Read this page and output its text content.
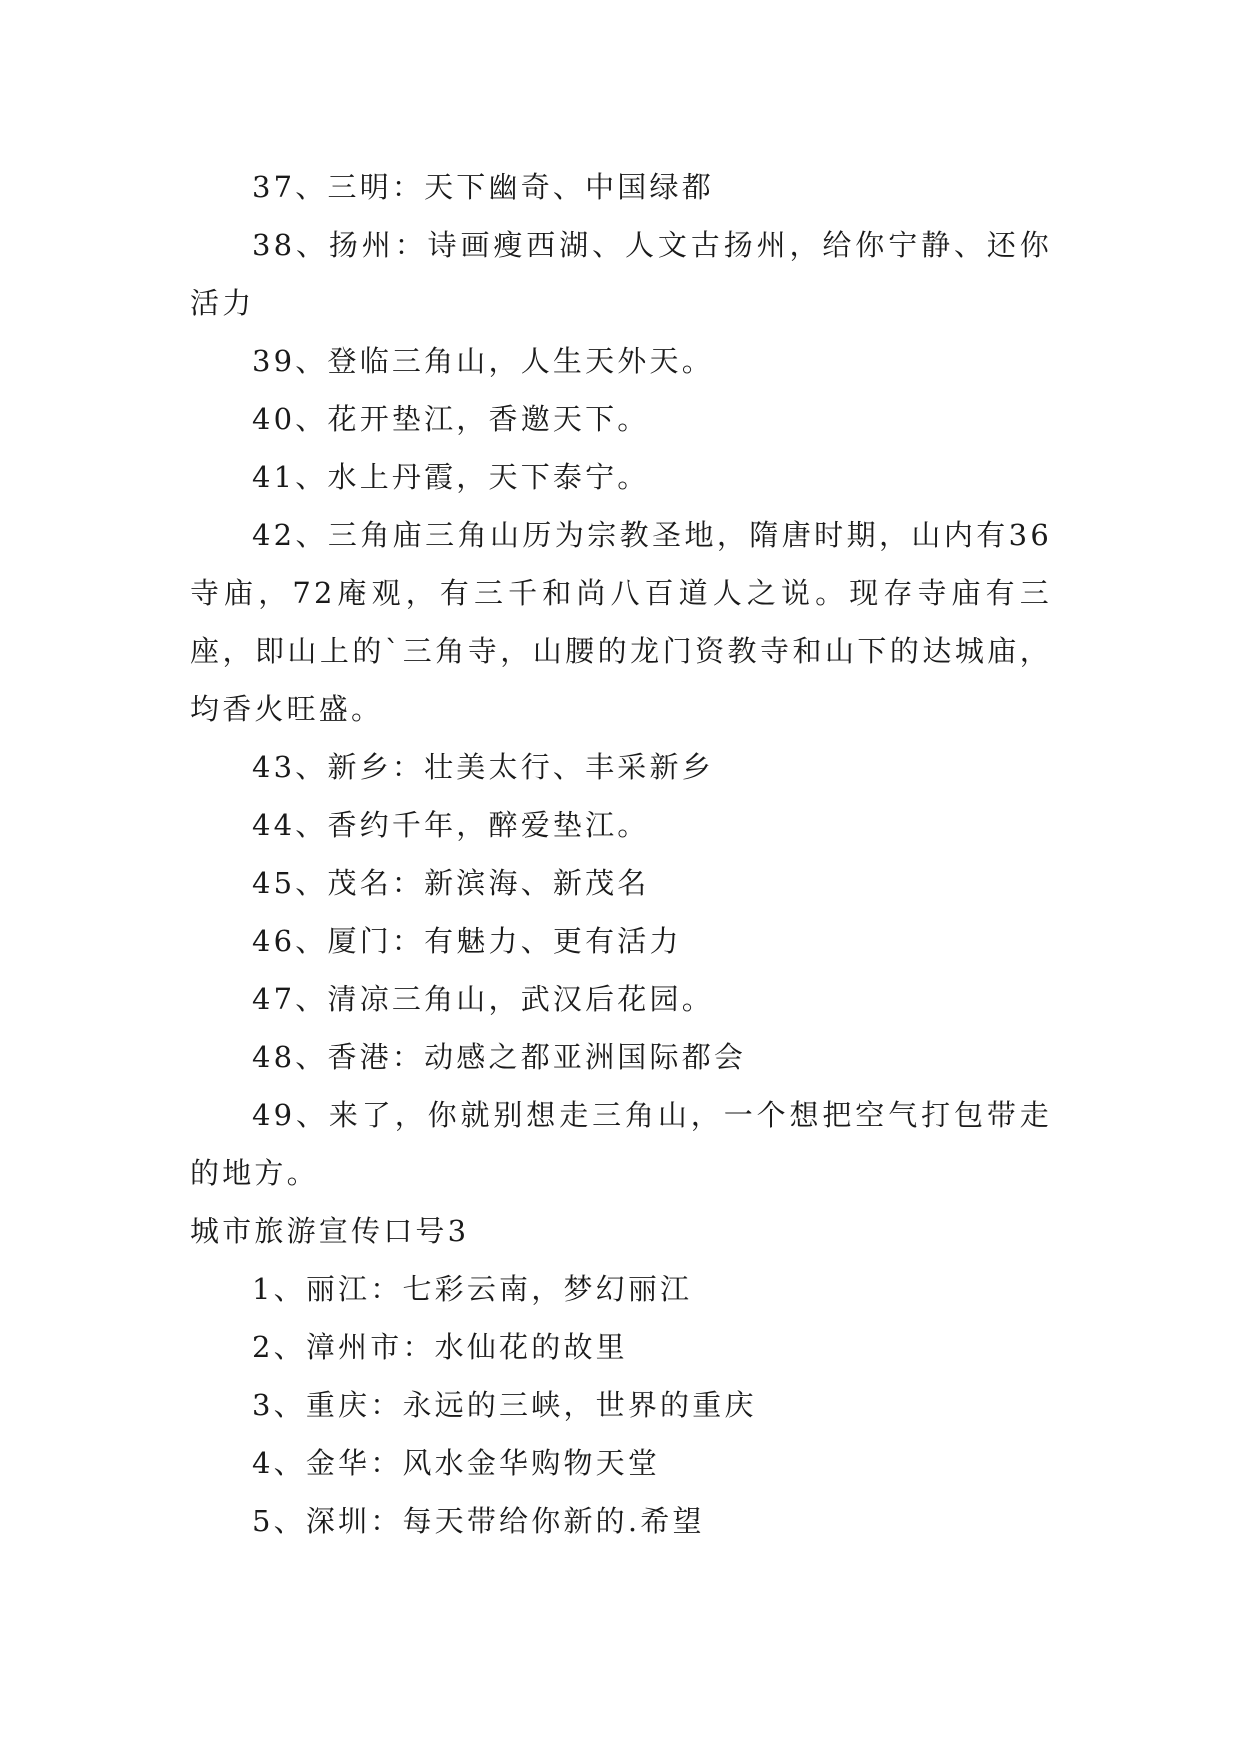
37、三明：天下幽奇、中国绿都

38、扬州：诗画瘦西湖、人文古扬州，给你宁静、还你活力

39、登临三角山，人生天外天。

40、花开垫江，香邀天下。

41、水上丹霞，天下泰宁。

42、三角庙三角山历为宗教圣地，隋唐时期，山内有36寺庙，72庵观，有三千和尚八百道人之说。现存寺庙有三座，即山上的`三角寺，山腰的龙门资教寺和山下的达城庙，均香火旺盛。

43、新乡：壮美太行、丰采新乡

44、香约千年，醉爱垫江。

45、茂名：新滨海、新茂名

46、厦门：有魅力、更有活力

47、清凉三角山，武汉后花园。

48、香港：动感之都亚洲国际都会

49、来了，你就别想走三角山，一个想把空气打包带走的地方。

城市旅游宣传口号3

1、丽江：七彩云南，梦幻丽江

2、漳州市：水仙花的故里

3、重庆：永远的三峡，世界的重庆

4、金华：风水金华购物天堂

5、深圳：每天带给你新的.希望
